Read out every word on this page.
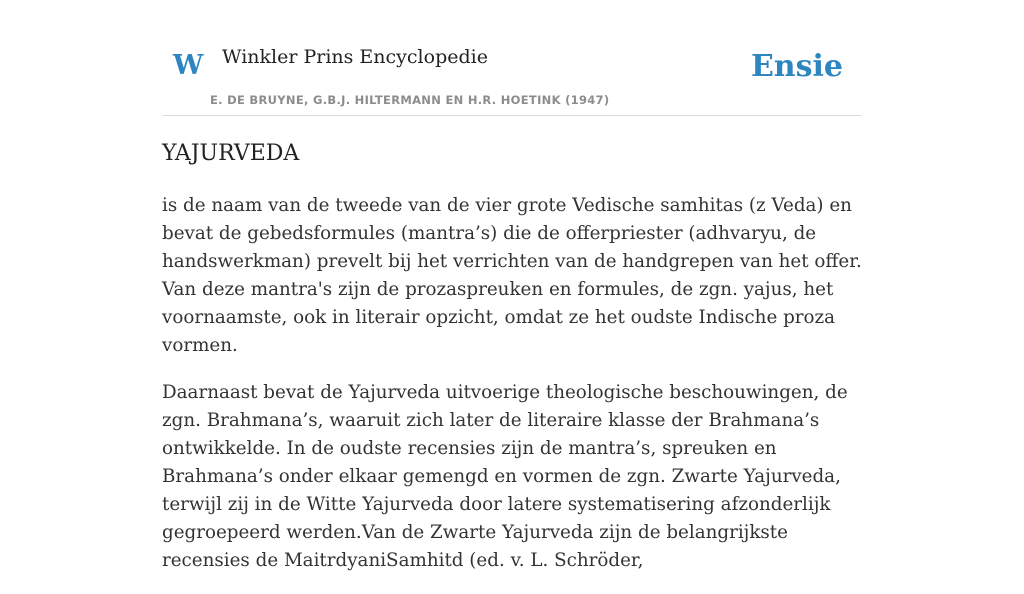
W Winkler Prins Encyclopedie
E. DE BRUYNE, G.B.J. HILTERMANN EN H.R. HOETINK (1947)
Ensie
YAJURVEDA

is de naam van de tweede van de vier grote Vedische samhitas (z Veda) en bevat de gebedsformules (mantra’s) die de offerpriester (adhvaryu, de handswerkman) prevelt bij het verrichten van de handgrepen van het offer. Van deze mantra's zijn de prozaspreuken en formules, de zgn. yajus, het voornaamste, ook in literair opzicht, omdat ze het oudste Indische proza vormen.

Daarnaast bevat de Yajurveda uitvoerige theologische beschouwingen, de zgn. Brahmana’s, waaruit zich later de literaire klasse der Brahmana’s ontwikkelde. In de oudste recensies zijn de mantra’s, spreuken en Brahmana’s onder elkaar gemengd en vormen de zgn. Zwarte Yajurveda, terwijl zij in de Witte Yajurveda door latere systematisering afzonderlijk gegroepeerd werden.Van de Zwarte Yajurveda zijn de belangrijkste recensies de MaitrdyaniSamhitd (ed. v. L. Schröder,
